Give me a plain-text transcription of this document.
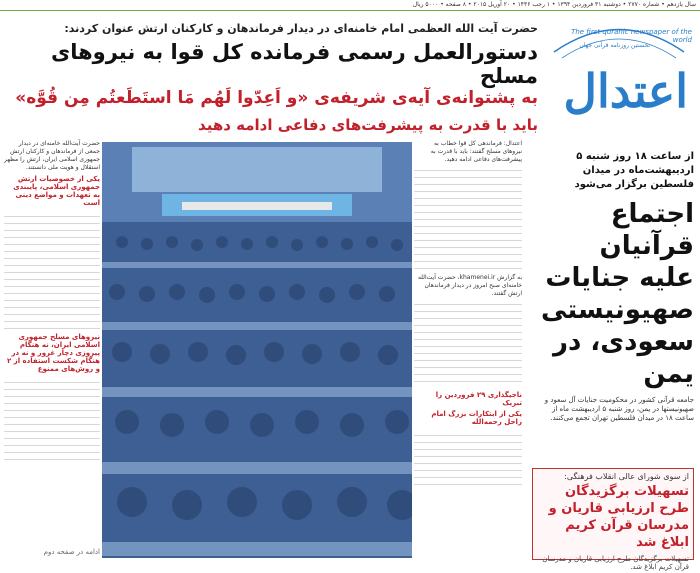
سال یازدهم • شماره ۲۷۷۰ • دوشنبه ۳۱ فروردین ۱۳۹۴ • ۱ رجب ۱۴۳۶ • ۲۰ آوریل ۲۰۱۵ • ۸ صفحه • ۵۰۰۰ ریال
The first quranic newspaper of the world
نخستین روزنامه قرآنی جهان
اعتدال
حضرت آیت الله العظمی امام خامنه‌ای در دیدار فرماندهان و کارکنان ارتش عنوان کردند:
دستورالعمل رسمی فرمانده کل قوا به نیروهای مسلح
به پشتوانه‌ی آیه‌ی شریفه‌ی «و اَعِدّوا لَهُم مَا استَطَعتُم مِن قُوَّه»
باید با قدرت به پیشرفت‌های دفاعی ادامه دهید
از ساعت ۱۸ روز شنبه ۵ اردیبهشت‌ماه در میدان فلسطین برگزار می‌شود
اجتماع قرآنیان علیه جنایات صهیونیستی سعودی، در یمن
جامعه قرآنی کشور در محکومیت جنایات آل سعود و صهیونیستها در یمن، روز شنبه ۵ اردیبهشت ماه از ساعت ۱۸ در میدان فلسطین تهران تجمع می‌کنند.
از سوی شورای عالی انقلاب فرهنگی:
تسهیلات برگزیدگان طرح ارزیابی قاریان و مدرسان قرآن کریم ابلاغ شد
تسهیلات برگزیدگان طرح ارزیابی قاریان و مدرسان قرآن کریم ابلاغ شد.
حضرت آیت‌الله خامنه‌ای در دیدار جمعی از فرماندهان و کارکنان ارتش جمهوری اسلامی ایران، ارتش را مظهر استقلال و هویت ملی دانستند.
یکی از خصوصیات ارتش جمهوری اسلامی، پایبندی به تعهدات و مواضع دینی است
نیروهای مسلح جمهوری اسلامی ایران، نه هنگام پیروزی دچار غرور و نه در هنگام شکست استفاده از ۲ و روش‌های ممنوع
ادامه در صفحه دوم
اعتدال: فرماندهی کل قوا خطاب به نیروهای مسلح گفتند: باید با قدرت به پیشرفت‌های دفاعی ادامه دهید.
به گزارش khamenei.ir، حضرت آیت‌الله خامنه‌ای صبح امروز در دیدار فرماندهان ارتش گفتند.
ناجیگذاری ۲۹ فروردین را تبریک
یکی از ابتکارات بزرگ امام راحل رحمه‌الله
